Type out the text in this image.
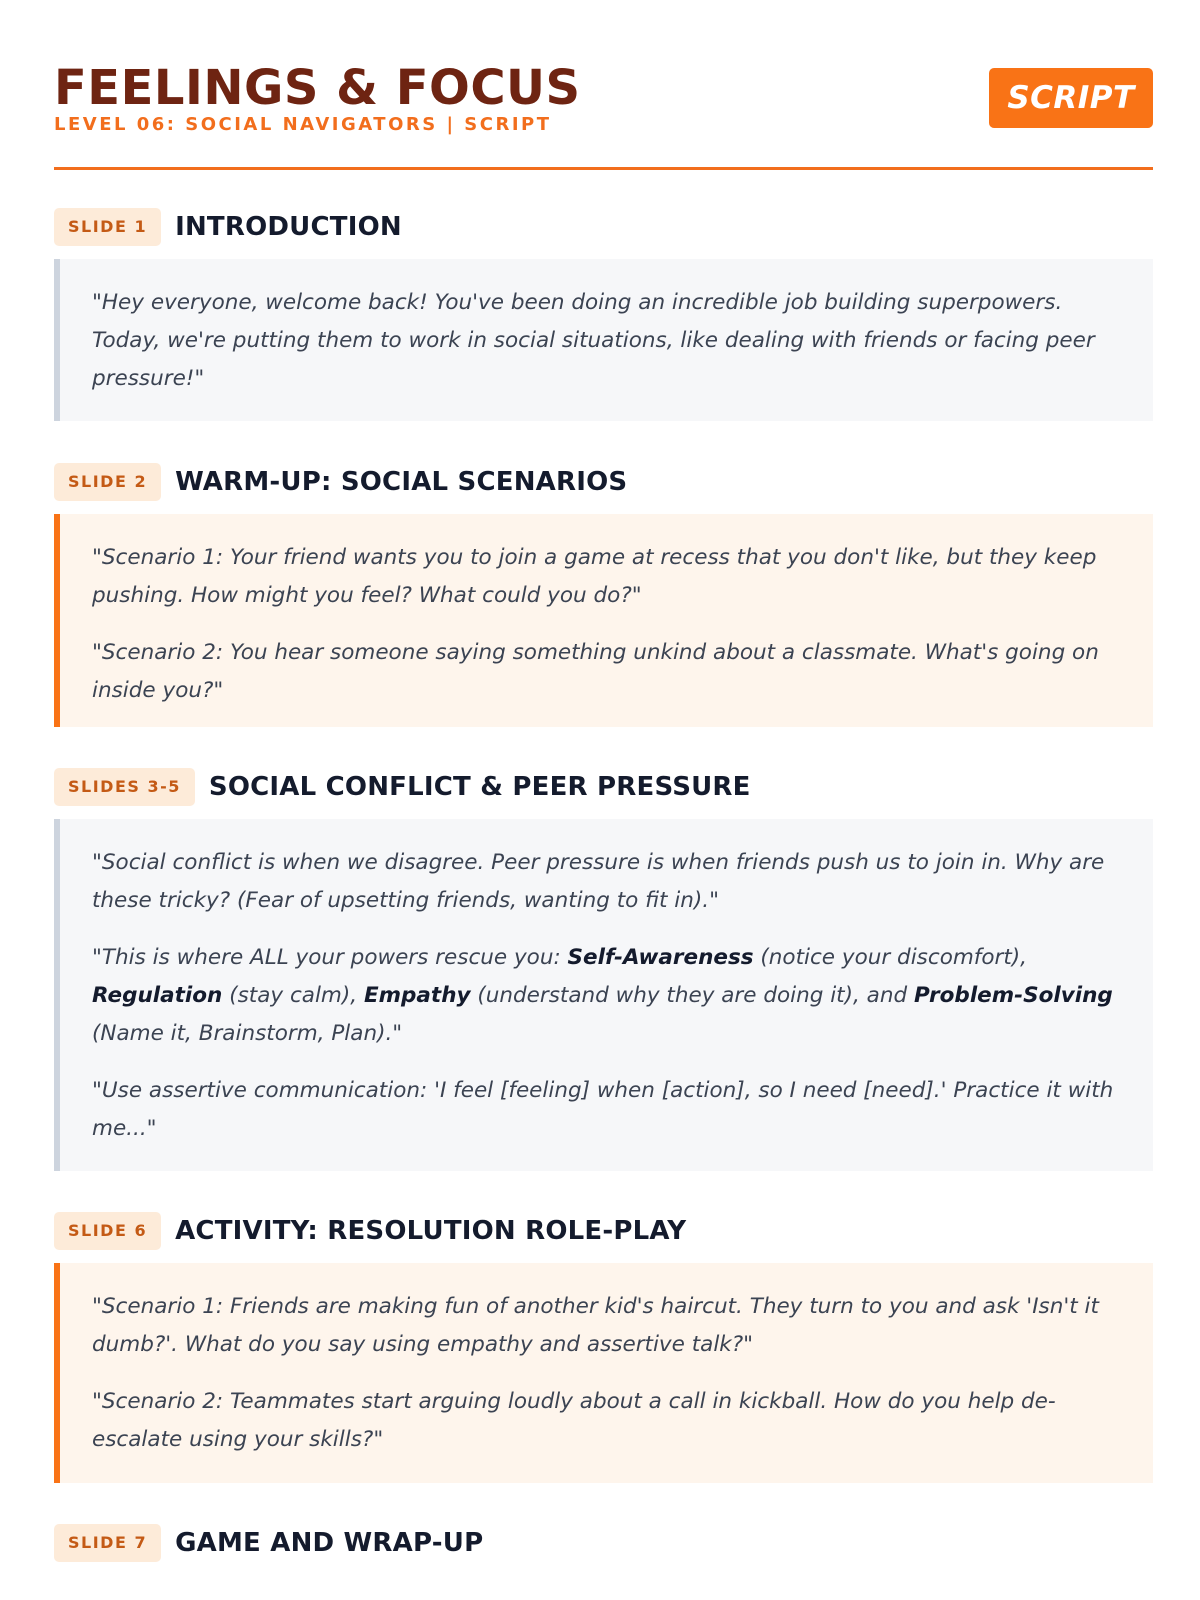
FEELINGS & FOCUS
LEVEL 06: SOCIAL NAVIGATORS | SCRIPT
SCRIPT
SLIDE 1	INTRODUCTION

"Hey everyone, welcome back! You've been doing an incredible job building superpowers. Today, we're putting them to work in social situations, like dealing with friends or facing peer pressure!"

SLIDE 2	WARM-UP: SOCIAL SCENARIOS

"Scenario 1: Your friend wants you to join a game at recess that you don't like, but they keep pushing. How might you feel? What could you do?"

"Scenario 2: You hear someone saying something unkind about a classmate. What's going on inside you?"

SLIDES 3-5	SOCIAL CONFLICT & PEER PRESSURE

"Social conflict is when we disagree. Peer pressure is when friends push us to join in. Why are these tricky? (Fear of upsetting friends, wanting to fit in)."

"This is where ALL your powers rescue you: Self-Awareness (notice your discomfort), Regulation (stay calm), Empathy (understand why they are doing it), and Problem-Solving (Name it, Brainstorm, Plan)."

"Use assertive communication: 'I feel [feeling] when [action], so I need [need].' Practice it with me..."

SLIDE 6	ACTIVITY: RESOLUTION ROLE-PLAY

"Scenario 1: Friends are making fun of another kid's haircut. They turn to you and ask 'Isn't it dumb?'. What do you say using empathy and assertive talk?"

"Scenario 2: Teammates start arguing loudly about a call in kickball. How do you help de-escalate using your skills?"

SLIDE 7	GAME AND WRAP-UP
